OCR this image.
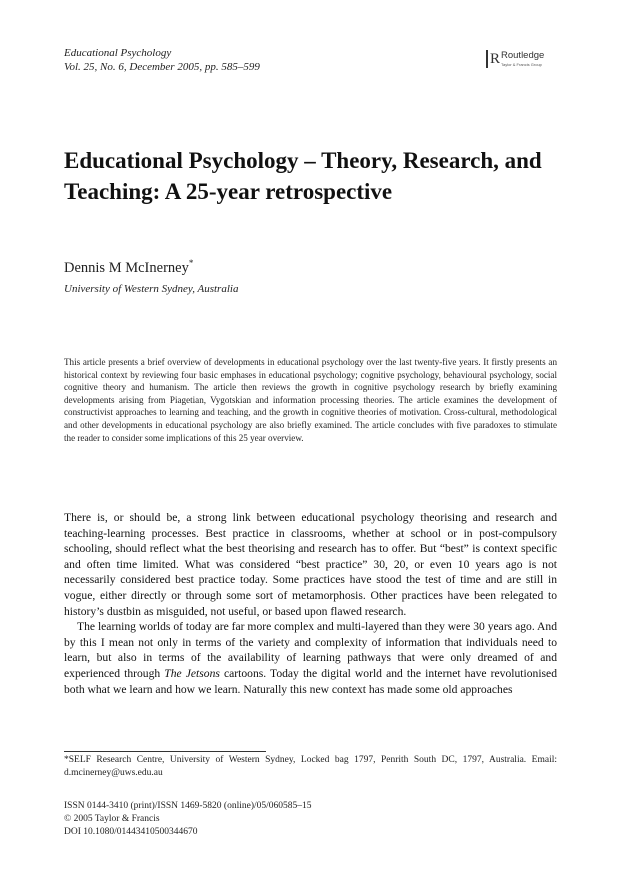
Educational Psychology
Vol. 25, No. 6, December 2005, pp. 585–599	R Routledge
Taylor & Francis Group
Educational Psychology – Theory, Research, and Teaching: A 25-year retrospective
Dennis M McInerney*
University of Western Sydney, Australia

This article presents a brief overview of developments in educational psychology over the last twenty-five years. It firstly presents an historical context by reviewing four basic emphases in educational psychology; cognitive psychology, behavioural psychology, social cognitive theory and humanism. The article then reviews the growth in cognitive psychology research by briefly examining developments arising from Piagetian, Vygotskian and information processing theories. The article examines the development of constructivist approaches to learning and teaching, and the growth in cognitive theories of motivation. Cross-cultural, methodological and other developments in educational psychology are also briefly examined. The article concludes with five paradoxes to stimulate the reader to consider some implications of this 25 year overview.

There is, or should be, a strong link between educational psychology theorising and research and teaching-learning processes. Best practice in classrooms, whether at school or in post-compulsory schooling, should reflect what the best theorising and research has to offer. But “best” is context specific and often time limited. What was considered “best practice” 30, 20, or even 10 years ago is not necessarily considered best practice today. Some practices have stood the test of time and are still in vogue, either directly or through some sort of metamorphosis. Other practices have been relegated to history’s dustbin as misguided, not useful, or based upon flawed research.

The learning worlds of today are far more complex and multi-layered than they were 30 years ago. And by this I mean not only in terms of the variety and complexity of information that individuals need to learn, but also in terms of the availability of learning pathways that were only dreamed of and experienced through The Jetsons cartoons. Today the digital world and the internet have revolutionised both what we learn and how we learn. Naturally this new context has made some old approaches

*SELF Research Centre, University of Western Sydney, Locked bag 1797, Penrith South DC, 1797, Australia. Email: d.mcinerney@uws.edu.au

ISSN 0144-3410 (print)/ISSN 1469-5820 (online)/05/060585–15
© 2005 Taylor & Francis
DOI 10.1080/01443410500344670
